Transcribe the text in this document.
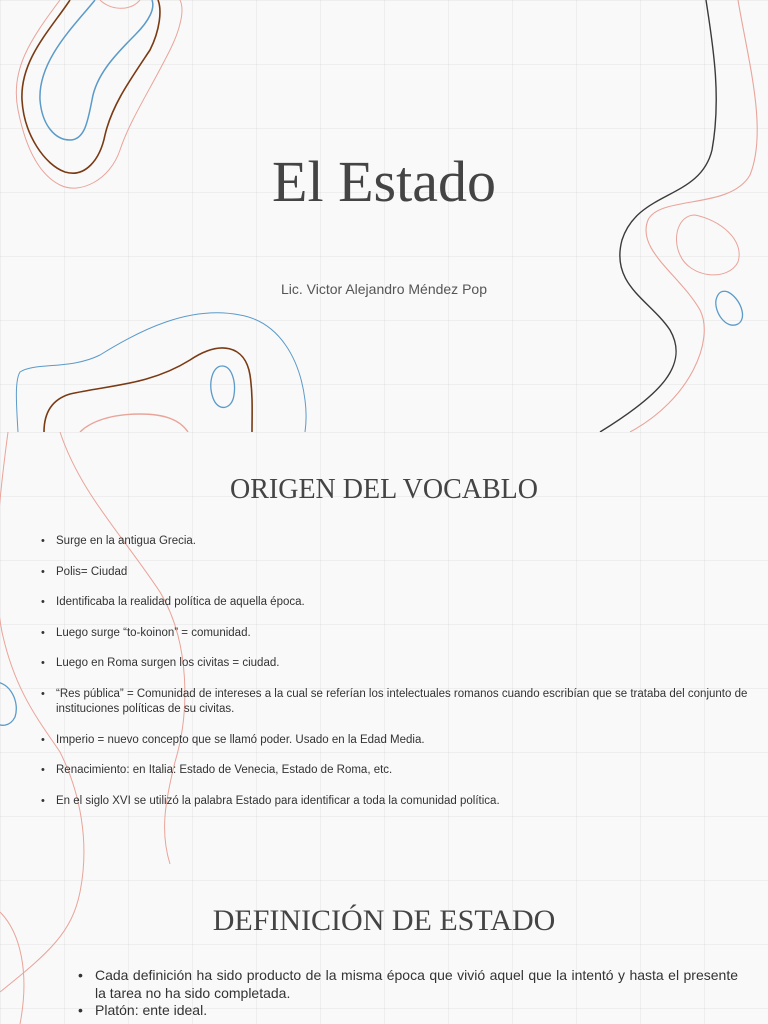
El Estado

Lic. Victor Alejandro Méndez Pop

ORIGEN DEL VOCABLO
• Surge en la antigua Grecia.
• Polis= Ciudad
• Identificaba la realidad política de aquella época.
• Luego surge “to-koinon” = comunidad.
• Luego en Roma surgen los civitas = ciudad.
• “Res pública” = Comunidad de intereses a la cual se referían los intelectuales romanos cuando escribían que se trataba del conjunto de instituciones políticas de su civitas.
• Imperio = nuevo concepto que se llamó poder. Usado en la Edad Media.
• Renacimiento: en Italia: Estado de Venecia, Estado de Roma, etc.
• En el siglo XVI se utilizó la palabra Estado para identificar a toda la comunidad política.
DEFINICIÓN DE ESTADO
• Cada definición ha sido producto de la misma época que vivió aquel que la intentó y hasta el presente la tarea no ha sido completada.
• Platón: ente ideal.
